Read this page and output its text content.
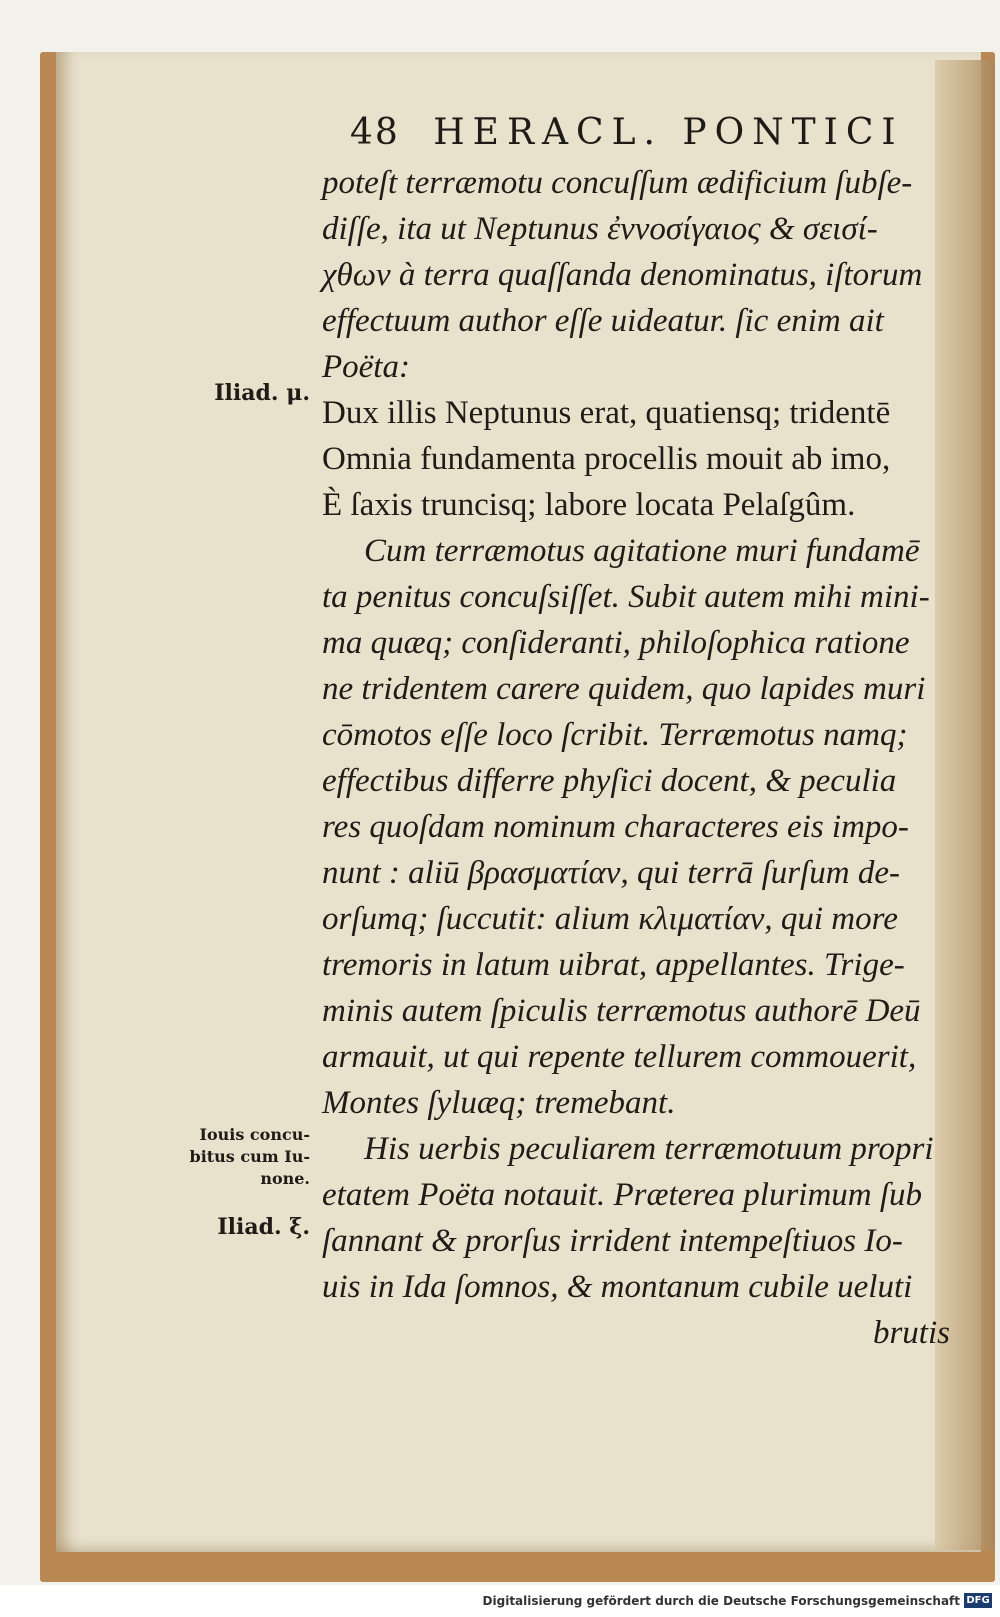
48 HERACL. PONTICI
poteſt terræmotu concuſſum ædificium ſubſe-
diſſe, ita ut Neptunus ἐννοσίγαιος & σεισί-
χθων à terra quaſſanda denominatus, iſtorum
effectuum author eſſe uideatur. ſic enim ait
Poëta:
Dux illis Neptunus erat, quatiensq; tridentē
Omnia fundamenta procellis mouit ab imo,
È ſaxis truncisq; labore locata Pelaſgûm.
Cum terræmotus agitatione muri fundamē
ta penitus concuſsiſſet. Subit autem mihi mini-
ma quæq; conſideranti, philoſophica ratione
ne tridentem carere quidem, quo lapides muri
cōmotos eſſe loco ſcribit. Terræmotus namq;
effectibus differre phyſici docent, & peculia
res quoſdam nominum characteres eis impo-
nunt : aliū βρασματίαν, qui terrā ſurſum de-
orſumq; ſuccutit: alium κλιματίαν, qui more
tremoris in latum uibrat, appellantes. Trige-
minis autem ſpiculis terræmotus authorē Deū
armauit, ut qui repente tellurem commouerit,
Montes ſyluæq; tremebant.
His uerbis peculiarem terræmotuum propri
etatem Poëta notauit. Præterea plurimum ſub
ſannant & prorſus irrident intempeſtiuos Io-
uis in Ida ſomnos, & montanum cubile ueluti
brutis
Iliad. μ.
Iouis concu-
bitus cum Iu-
none.
Iliad. ξ.
Digitalisierung gefördert durch die Deutsche Forschungsgemeinschaft DFG
